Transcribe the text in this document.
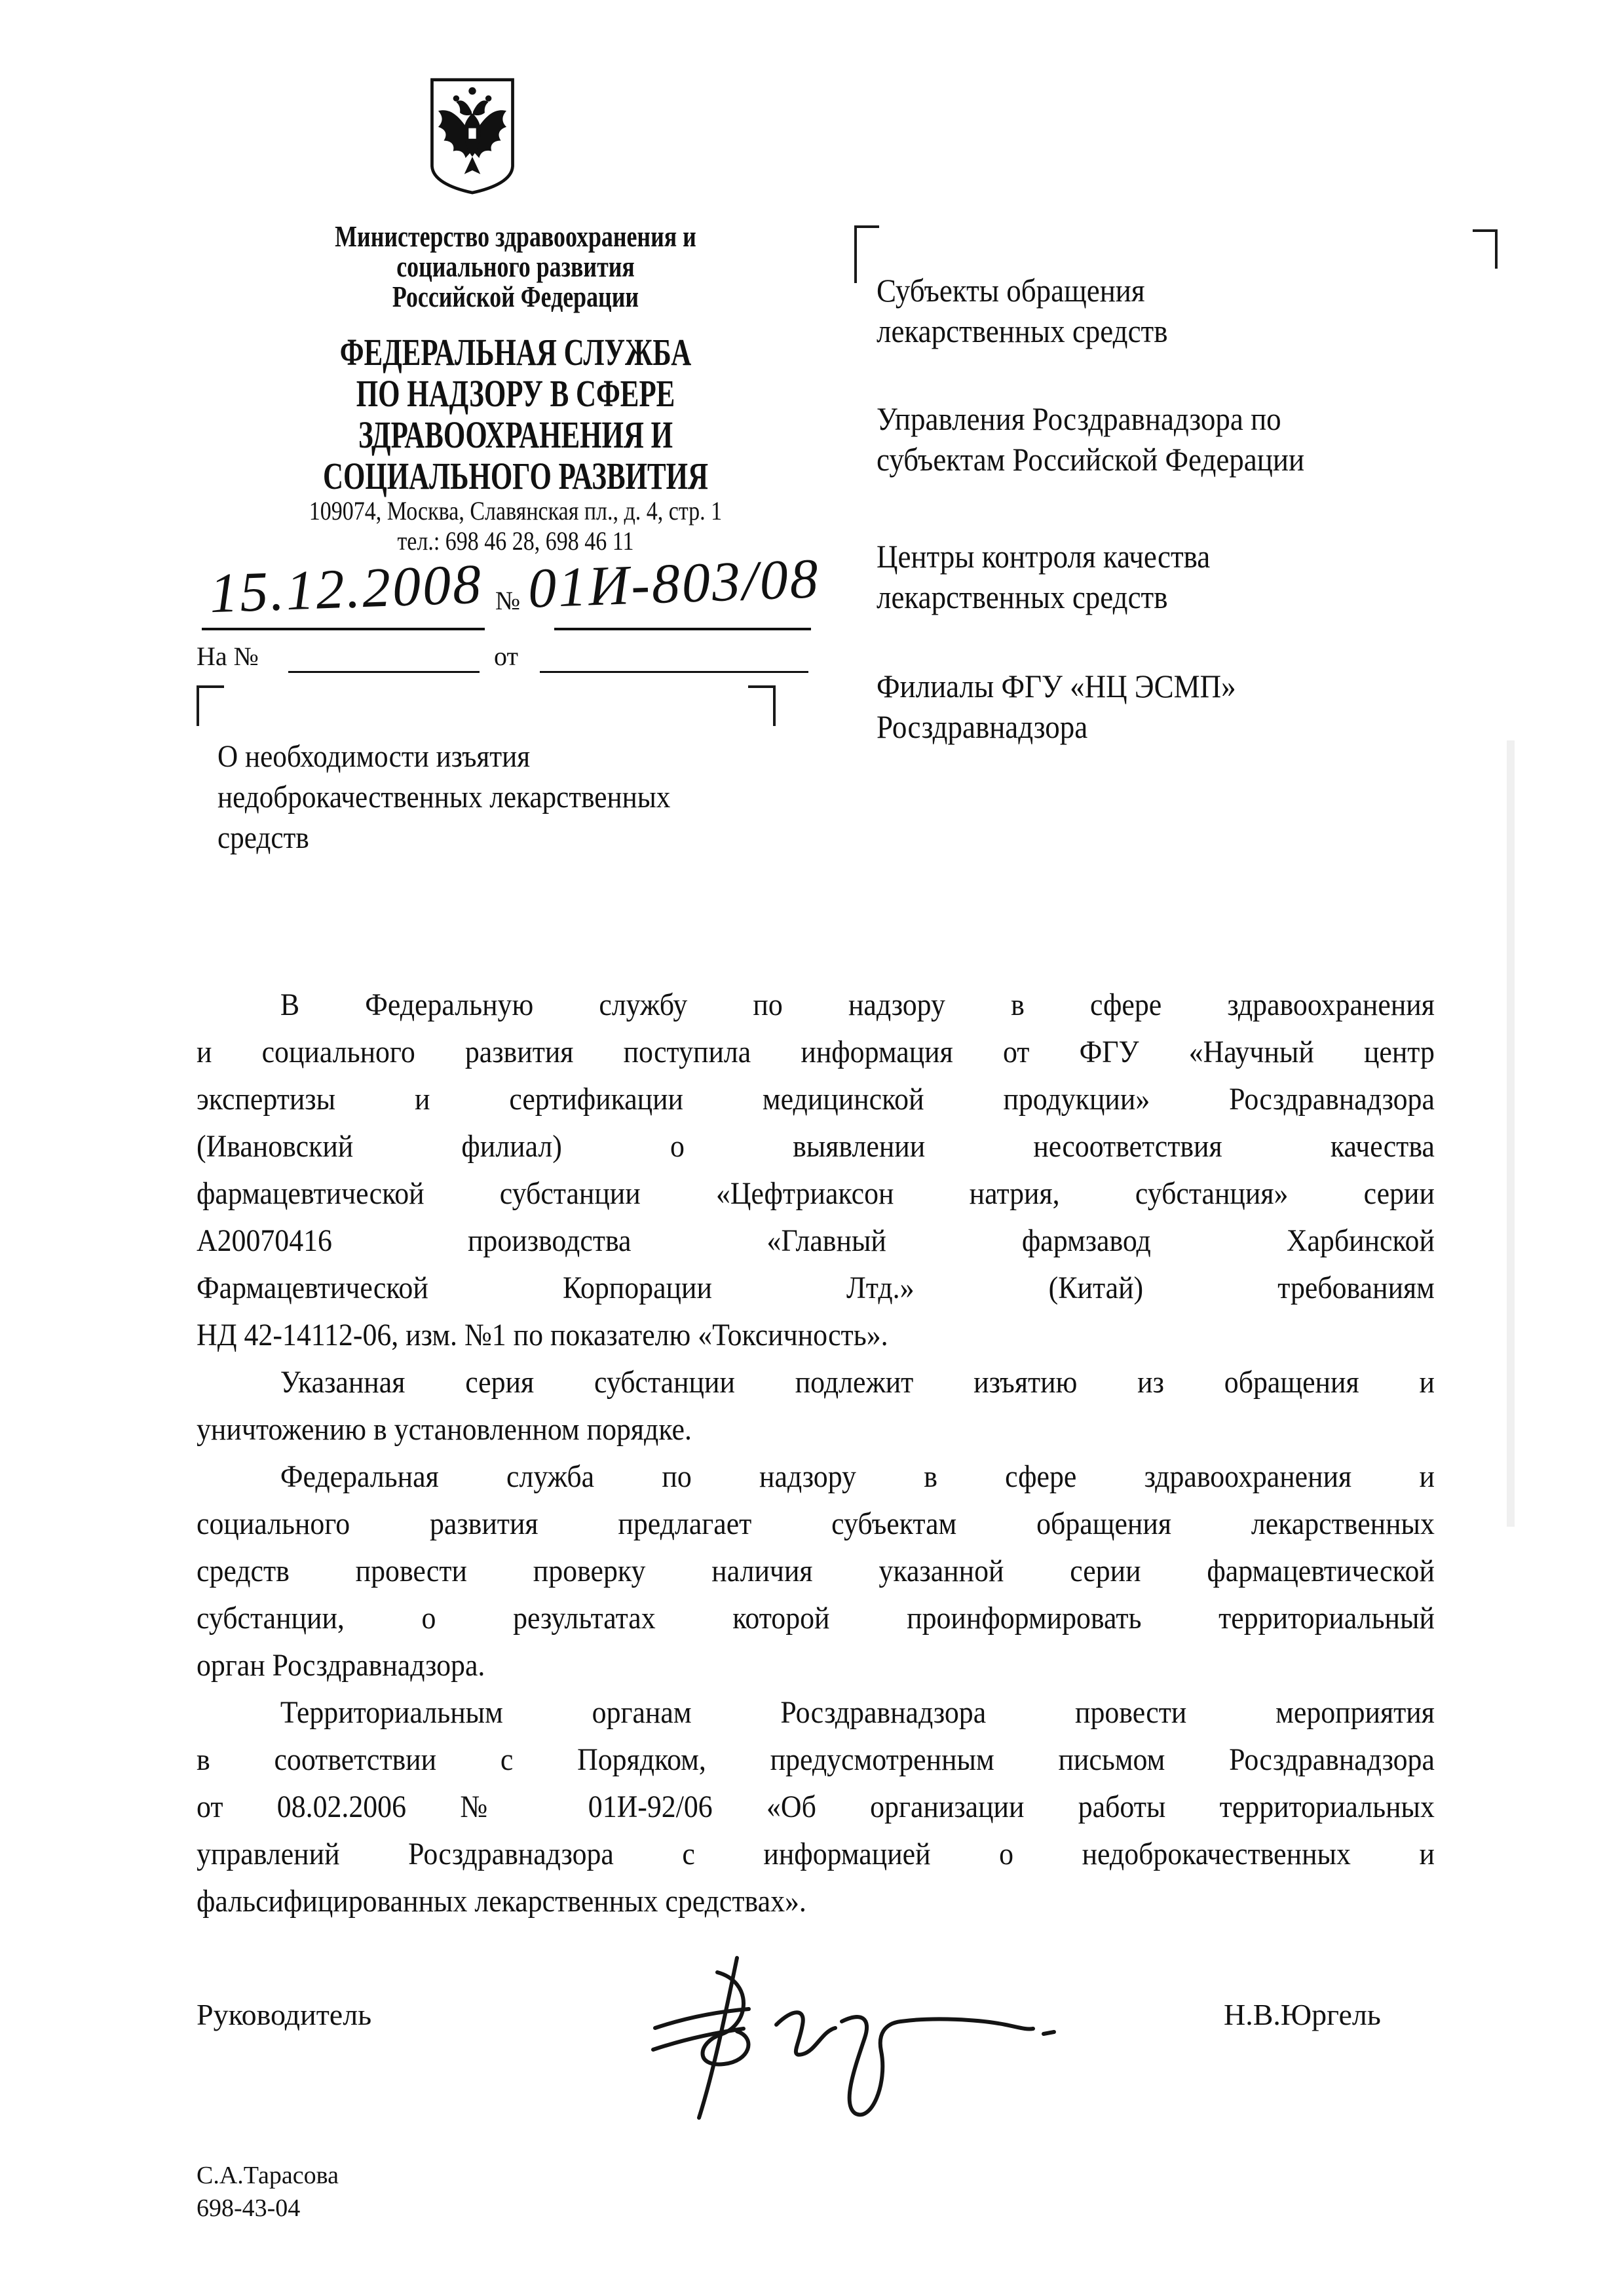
Министерство здравоохранения и
социального развития
Российской Федерации
ФЕДЕРАЛЬНАЯ СЛУЖБА
ПО НАДЗОРУ В СФЕРЕ
ЗДРАВООХРАНЕНИЯ И
СОЦИАЛЬНОГО РАЗВИТИЯ
109074, Москва, Славянская пл., д. 4, стр. 1
тел.: 698 46 28, 698 46 11
15.12.2008 № 01И-803/08
На №	от
О необходимости изъятия
недоброкачественных лекарственных
средств
Субъекты обращения
лекарственных средств
Управления Росздравнадзора по
субъектам Российской Федерации
Центры контроля качества
лекарственных средств
Филиалы ФГУ «НЦ ЭСМП»
Росздравнадзора
В Федеральную службу по надзору в сфере здравоохранения
и социального развития поступила информация от ФГУ «Научный центр
экспертизы и сертификации медицинской продукции» Росздравнадзора
(Ивановский филиал) о выявлении несоответствия качества
фармацевтической субстанции «Цефтриаксон натрия, субстанция» серии
А20070416 производства «Главный фармзавод Харбинской
Фармацевтической Корпорации Лтд.» (Китай) требованиям
НД 42-14112-06, изм. №1 по показателю «Токсичность».
Указанная серия субстанции подлежит изъятию из обращения и
уничтожению в установленном порядке.
Федеральная служба по надзору в сфере здравоохранения и
социального развития предлагает субъектам обращения лекарственных
средств провести проверку наличия указанной серии фармацевтической
субстанции, о результатах которой проинформировать территориальный
орган Росздравнадзора.
Территориальным органам Росздравнадзора провести мероприятия
в соответствии с Порядком, предусмотренным письмом Росздравнадзора
от 08.02.2006 № 01И-92/06 «Об организации работы территориальных
управлений Росздравнадзора с информацией о недоброкачественных и
фальсифицированных лекарственных средствах».
Руководитель	Н.В.Юргель
С.А.Тарасова
698-43-04
